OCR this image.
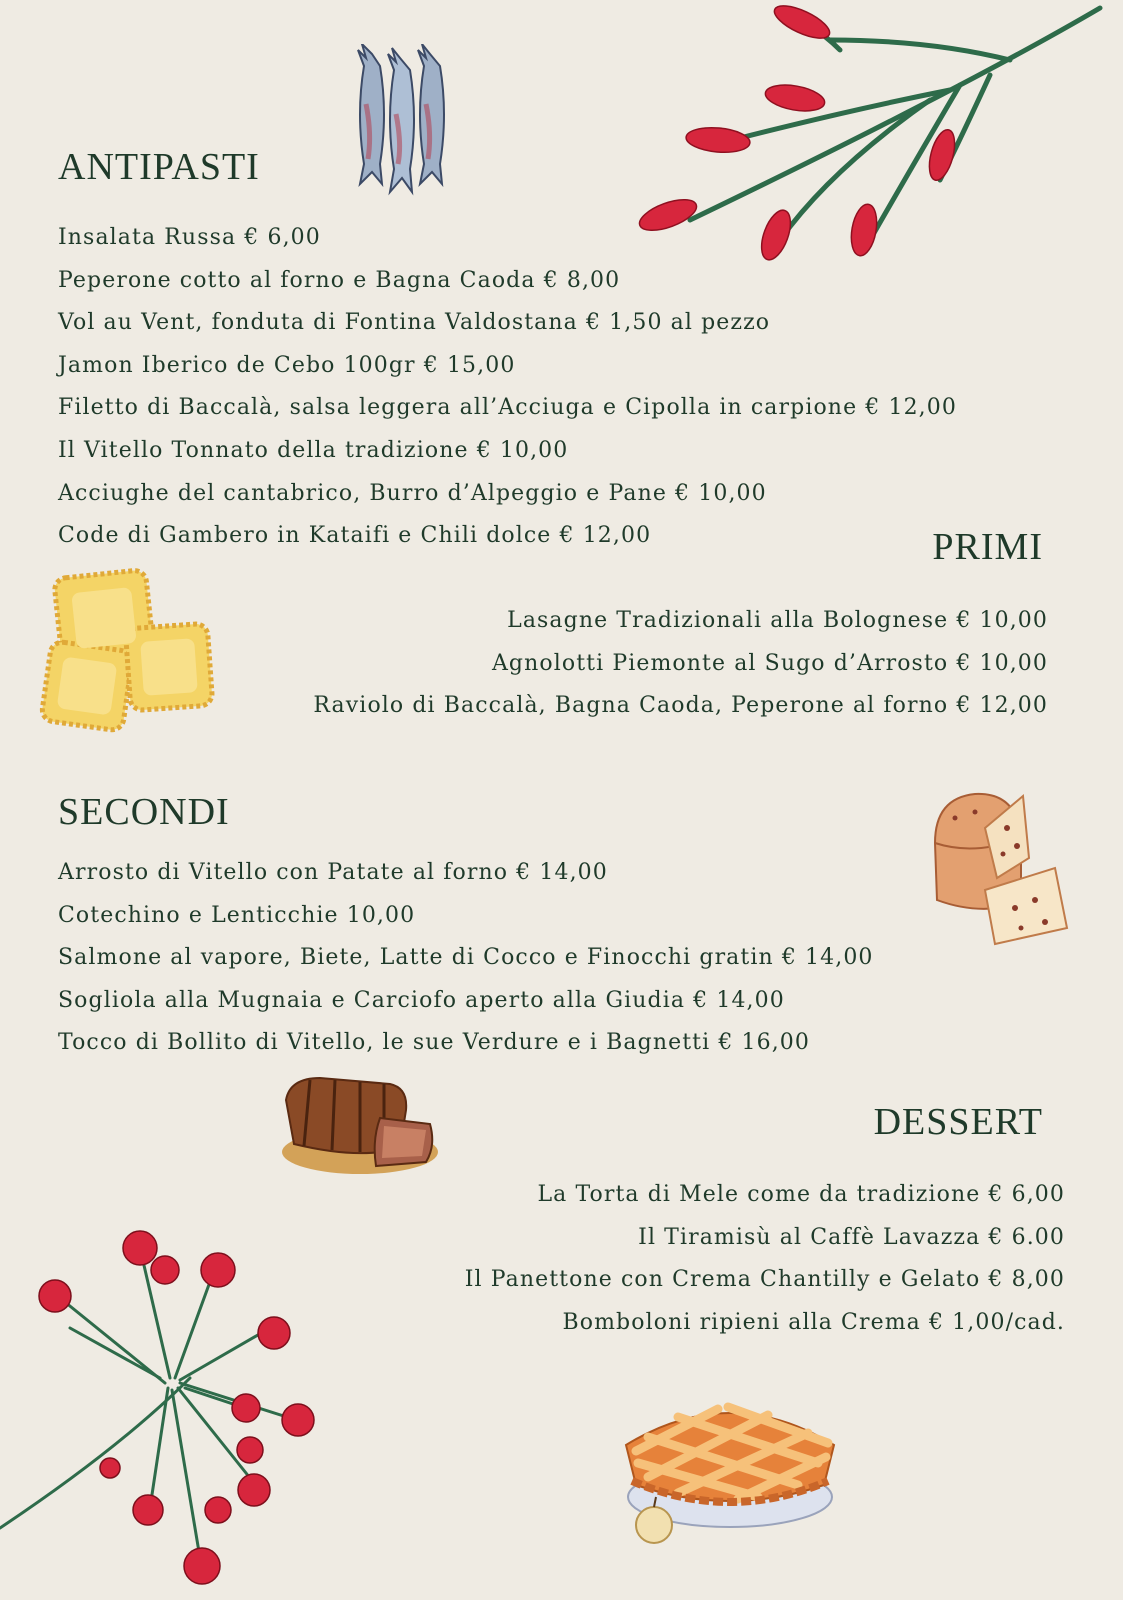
ANTIPASTI
Insalata Russa € 6,00
Peperone cotto al forno e Bagna Caoda € 8,00
Vol au Vent, fonduta di Fontina Valdostana € 1,50 al pezzo
Jamon Iberico de Cebo 100gr € 15,00
Filetto di Baccalà, salsa leggera all’Acciuga e Cipolla in carpione € 12,00
Il Vitello Tonnato della tradizione € 10,00
Acciughe del cantabrico, Burro d’Alpeggio e Pane € 10,00
Code di Gambero in Kataifi e Chili dolce € 12,00	PRIMI
Lasagne Tradizionali alla Bolognese € 10,00
Agnolotti Piemonte al Sugo d’Arrosto € 10,00
Raviolo di Baccalà, Bagna Caoda, Peperone al forno € 12,00
SECONDI
Arrosto di Vitello con Patate al forno € 14,00
Cotechino e Lenticchie 10,00
Salmone al vapore, Biete, Latte di Cocco e Finocchi gratin € 14,00
Sogliola alla Mugnaia e Carciofo aperto alla Giudia € 14,00
Tocco di Bollito di Vitello, le sue Verdure e i Bagnetti € 16,00
DESSERT
La Torta di Mele come da tradizione € 6,00
Il Tiramisù al Caffè Lavazza € 6.00
Il Panettone con Crema Chantilly e Gelato € 8,00
Bomboloni ripieni alla Crema € 1,00/cad.
